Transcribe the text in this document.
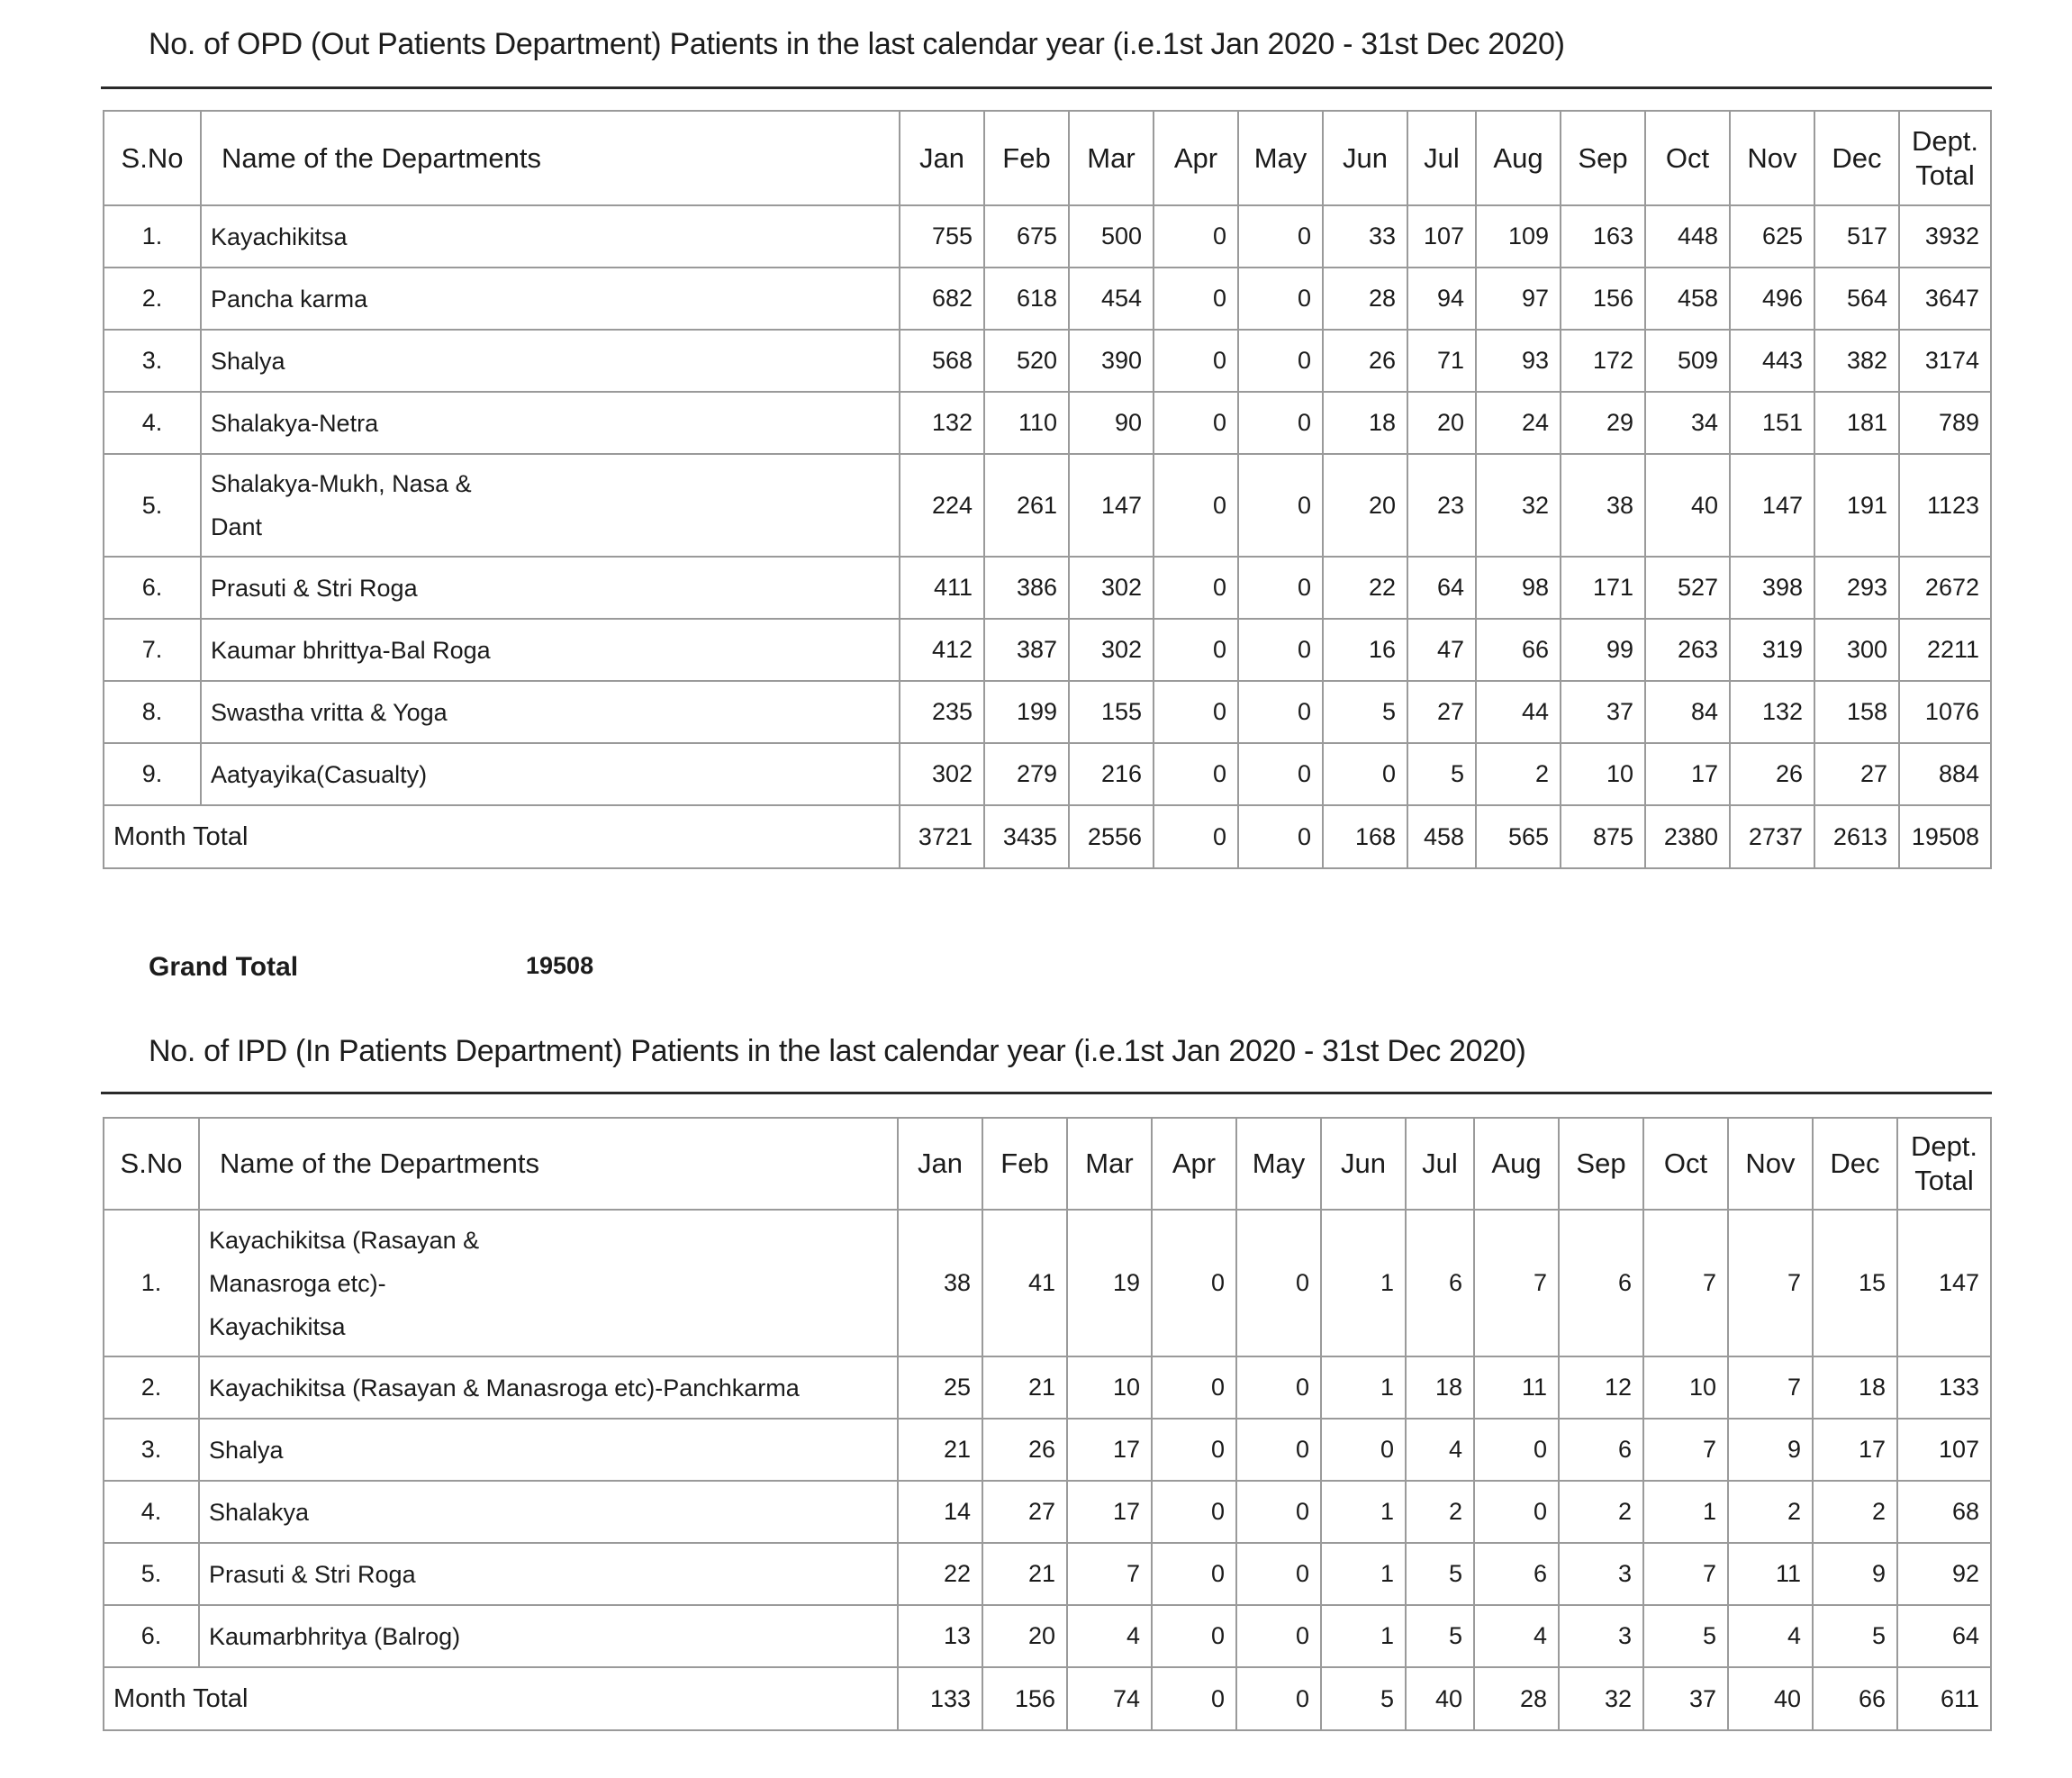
No. of OPD (Out Patients Department) Patients in the last calendar year (i.e.1st Jan 2020 - 31st Dec 2020)
S.No	Name of the Departments	Jan	Feb	Mar	Apr	May	Jun	Jul	Aug	Sep	Oct	Nov	Dec	Dept.
Total

1.	Kayachikitsa	755	675	500	0	0	33	107	109	163	448	625	517	3932
2.	Pancha karma	682	618	454	0	0	28	94	97	156	458	496	564	3647
3.	Shalya	568	520	390	0	0	26	71	93	172	509	443	382	3174
4.	Shalakya-Netra	132	110	90	0	0	18	20	24	29	34	151	181	789
5.	Shalakya-Mukh, Nasa &
Dant	224	261	147	0	0	20	23	32	38	40	147	191	1123
6.	Prasuti & Stri Roga	411	386	302	0	0	22	64	98	171	527	398	293	2672
7.	Kaumar bhrittya-Bal Roga	412	387	302	0	0	16	47	66	99	263	319	300	2211
8.	Swastha vritta & Yoga	235	199	155	0	0	5	27	44	37	84	132	158	1076
9.	Aatyayika(Casualty)	302	279	216	0	0	0	5	2	10	17	26	27	884
Month Total		3721	3435	2556	0	0	168	458	565	875	2380	2737	2613	19508
Grand Total	19508
No. of IPD (In Patients Department) Patients in the last calendar year (i.e.1st Jan 2020 - 31st Dec 2020)
S.No	Name of the Departments	Jan	Feb	Mar	Apr	May	Jun	Jul	Aug	Sep	Oct	Nov	Dec	Dept.
Total

1.	Kayachikitsa (Rasayan &
Manasroga etc)-
Kayachikitsa	38	41	19	0	0	1	6	7	6	7	7	15	147
2.	Kayachikitsa (Rasayan & Manasroga etc)-Panchkarma	25	21	10	0	0	1	18	11	12	10	7	18	133
3.	Shalya	21	26	17	0	0	0	4	0	6	7	9	17	107
4.	Shalakya	14	27	17	0	0	1	2	0	2	1	2	2	68
5.	Prasuti & Stri Roga	22	21	7	0	0	1	5	6	3	7	11	9	92
6.	Kaumarbhritya (Balrog)	13	20	4	0	0	1	5	4	3	5	4	5	64
Month Total		133	156	74	0	0	5	40	28	32	37	40	66	611
